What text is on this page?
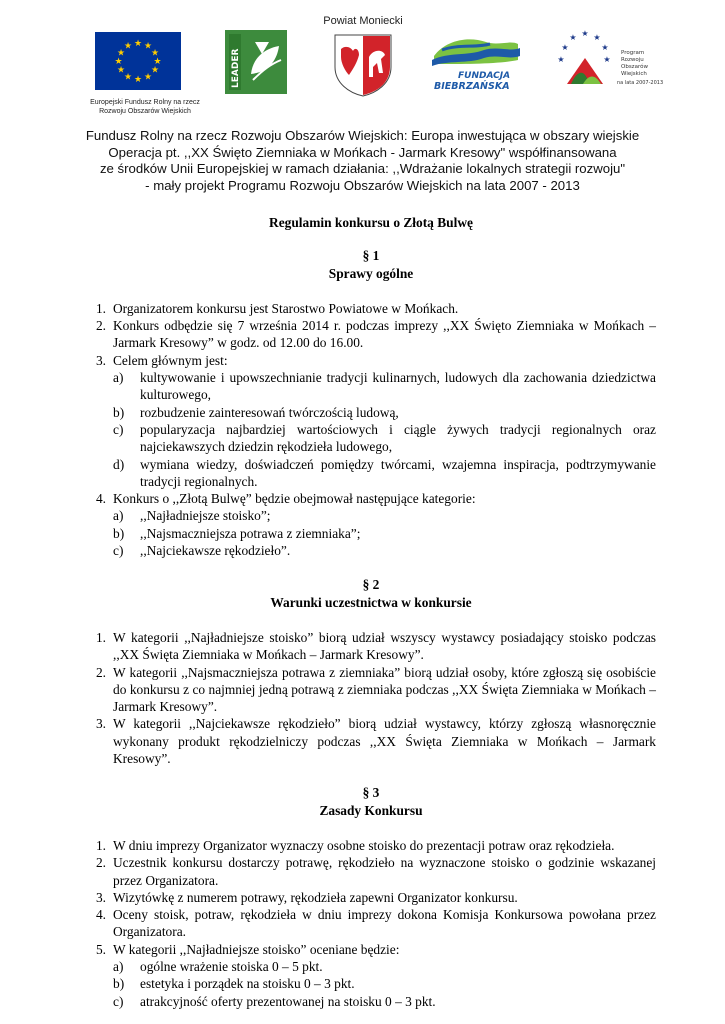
★ ★
★
★
★
★
★
★
★
★
★
★
Europejski Fundusz Rolny na rzecz
Rozwoju Obszarów Wiejskich
LEADER
Powiat Moniecki
FUNDACJA
BIEBRZAŃSKA
★
★ ★ ★
★
★	★
Program
Rozwoju
Obszarów
Wiejskich
na lata 2007-2013
Fundusz Rolny na rzecz Rozwoju Obszarów Wiejskich: Europa inwestująca w obszary wiejskie
Operacja pt. ,,XX Święto Ziemniaka w Mońkach - Jarmark Kresowy" współfinansowana
ze środków Unii Europejskiej w ramach działania: ,,Wdrażanie lokalnych strategii rozwoju"
- mały projekt Programu Rozwoju Obszarów Wiejskich na lata 2007 - 2013
Regulamin konkursu o Złotą Bulwę
§ 1
Sprawy ogólne
1. Organizatorem konkursu jest Starostwo Powiatowe w Mońkach.
2. Konkurs odbędzie się 7 września 2014 r. podczas imprezy ,,XX Święto Ziemniaka w Mońkach – Jarmark Kresowy” w godz. od 12.00 do 16.00.
3. Celem głównym jest:
a) kultywowanie i upowszechnianie tradycji kulinarnych, ludowych dla zachowania dziedzictwa kulturowego,
b) rozbudzenie zainteresowań twórczością ludową,
c) popularyzacja najbardziej wartościowych i ciągle żywych tradycji regionalnych oraz najciekawszych dziedzin rękodzieła ludowego,
d) wymiana wiedzy, doświadczeń pomiędzy twórcami, wzajemna inspiracja, podtrzymywanie tradycji regionalnych.
4. Konkurs o ,,Złotą Bulwę” będzie obejmował następujące kategorie:
a) ,,Najładniejsze stoisko”;
b) ,,Najsmaczniejsza potrawa z ziemniaka”;
c) ,,Najciekawsze rękodzieło”.
§ 2
Warunki uczestnictwa w konkursie
1. W kategorii ,,Najładniejsze stoisko” biorą udział wszyscy wystawcy posiadający stoisko podczas ,,XX Święta Ziemniaka w Mońkach – Jarmark Kresowy”.
2. W kategorii ,,Najsmaczniejsza potrawa z ziemniaka” biorą udział osoby, które zgłoszą się osobiście do konkursu z co najmniej jedną potrawą z ziemniaka podczas ,,XX Święta Ziemniaka w Mońkach – Jarmark Kresowy”.
3. W kategorii ,,Najciekawsze rękodzieło” biorą udział wystawcy, którzy zgłoszą własnoręcznie wykonany produkt rękodzielniczy podczas ,,XX Święta Ziemniaka w Mońkach – Jarmark Kresowy”.
§ 3
Zasady Konkursu
1. W dniu imprezy Organizator wyznaczy osobne stoisko do prezentacji potraw oraz rękodzieła.
2. Uczestnik konkursu dostarczy potrawę, rękodzieło na wyznaczone stoisko o godzinie wskazanej przez Organizatora.
3. Wizytówkę z numerem potrawy, rękodzieła zapewni Organizator konkursu.
4. Oceny stoisk, potraw, rękodzieła w dniu imprezy dokona Komisja Konkursowa powołana przez Organizatora.
5. W kategorii ,,Najładniejsze stoisko” oceniane będzie:
a) ogólne wrażenie stoiska 0 – 5 pkt.
b) estetyka i porządek na stoisku 0 – 3 pkt.
c) atrakcyjność oferty prezentowanej na stoisku 0 – 3 pkt.
